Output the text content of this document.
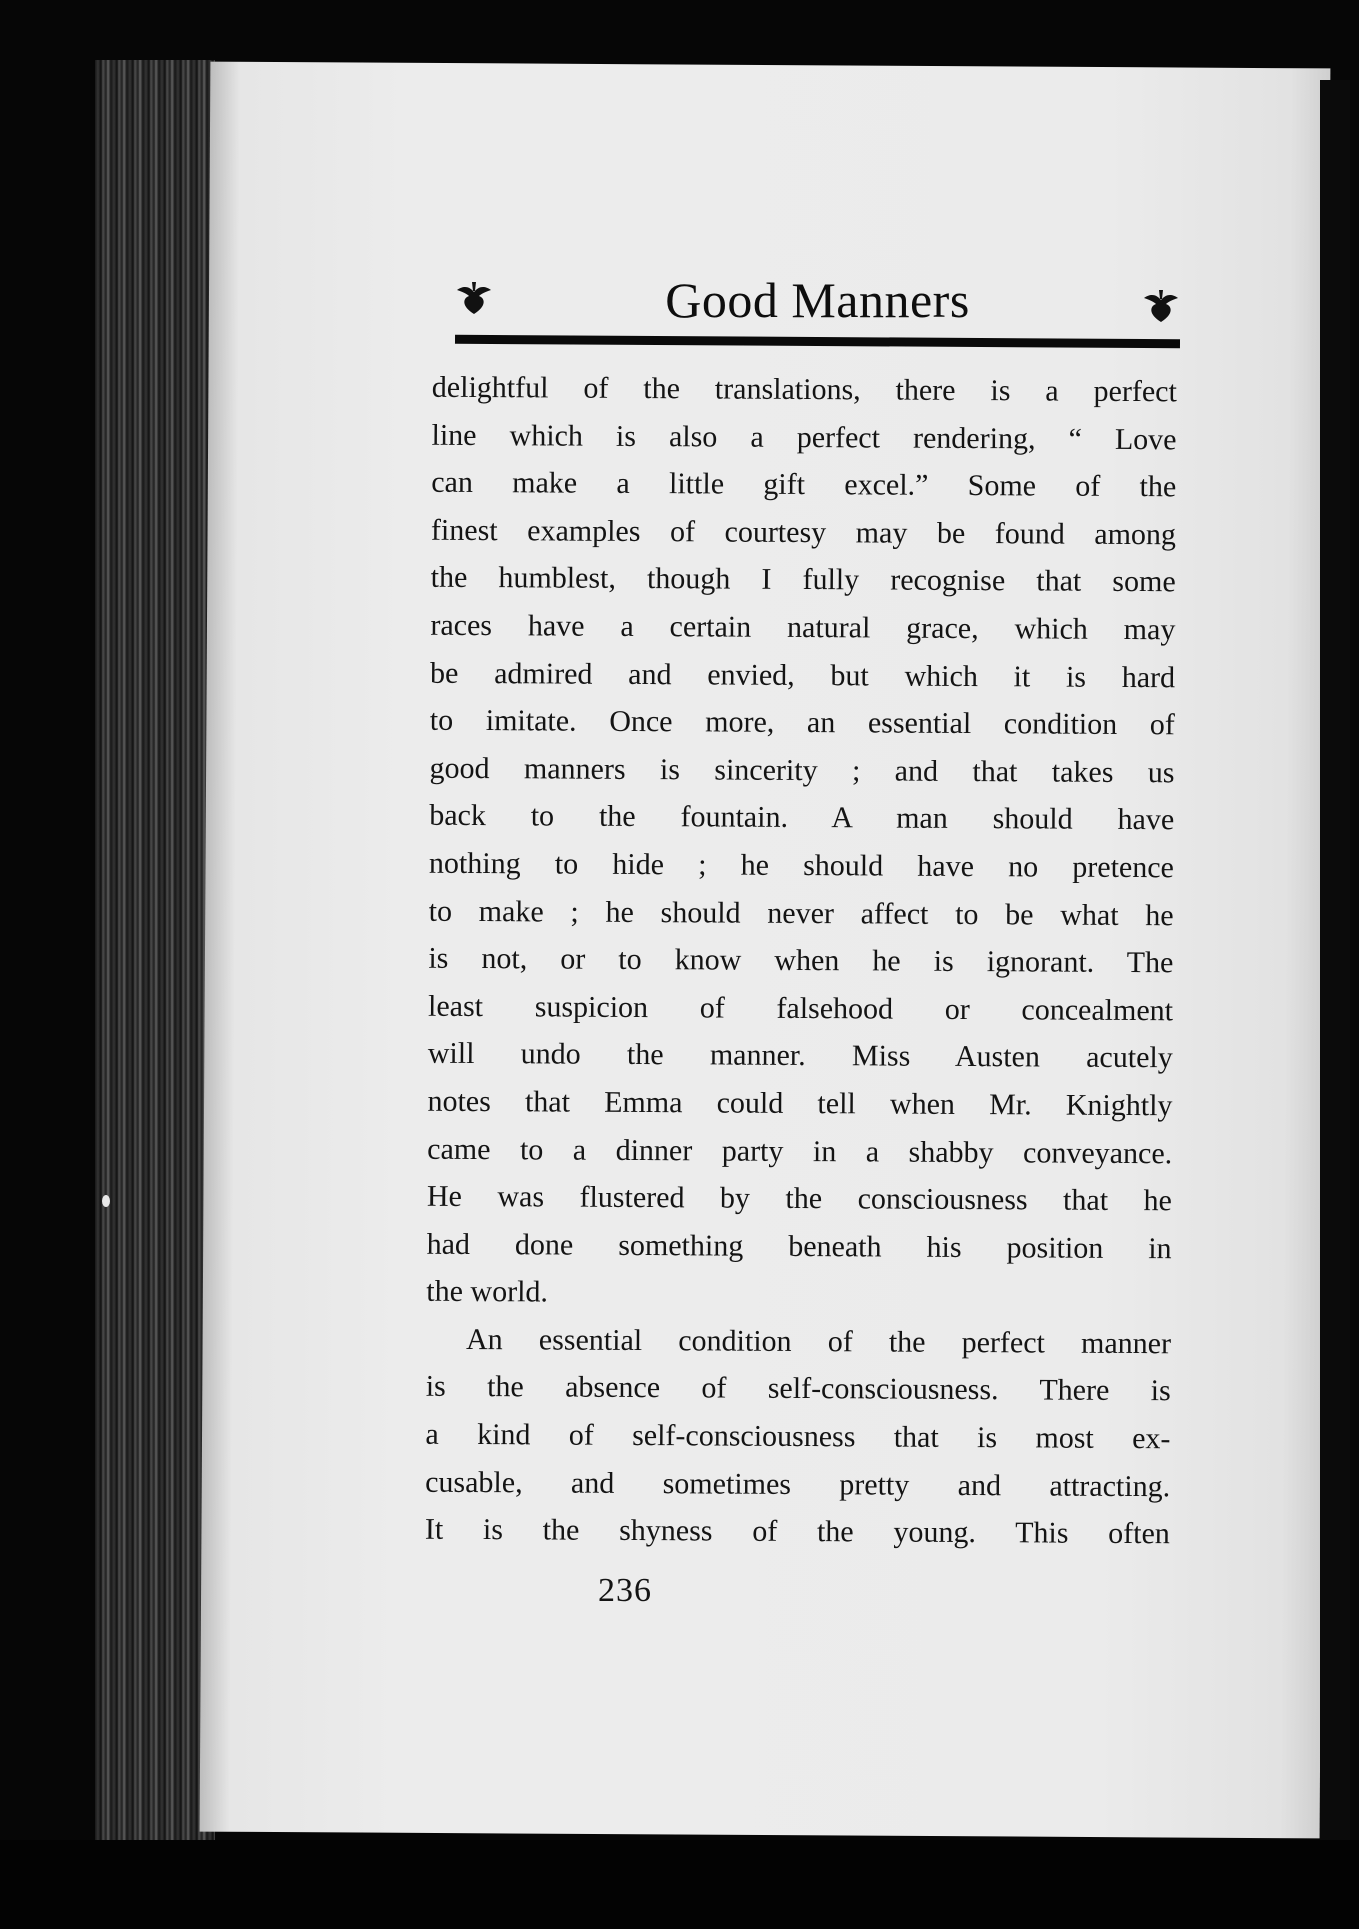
Good Manners
delightful of the translations, there is a perfect
line which is also a perfect rendering, “ Love
can make a little gift excel.” Some of the
finest examples of courtesy may be found among
the humblest, though I fully recognise that some
races have a certain natural grace, which may
be admired and envied, but which it is hard
to imitate. Once more, an essential condition of
good manners is sincerity ; and that takes us
back to the fountain. A man should have
nothing to hide ; he should have no pretence
to make ; he should never affect to be what he
is not, or to know when he is ignorant. The
least suspicion of falsehood or concealment
will undo the manner. Miss Austen acutely
notes that Emma could tell when Mr. Knightly
came to a dinner party in a shabby conveyance.
He was flustered by the consciousness that he
had done something beneath his position in
the world.
An essential condition of the perfect manner
is the absence of self-consciousness. There is
a kind of self-consciousness that is most ex-
cusable, and sometimes pretty and attracting.
It is the shyness of the young. This often
236
